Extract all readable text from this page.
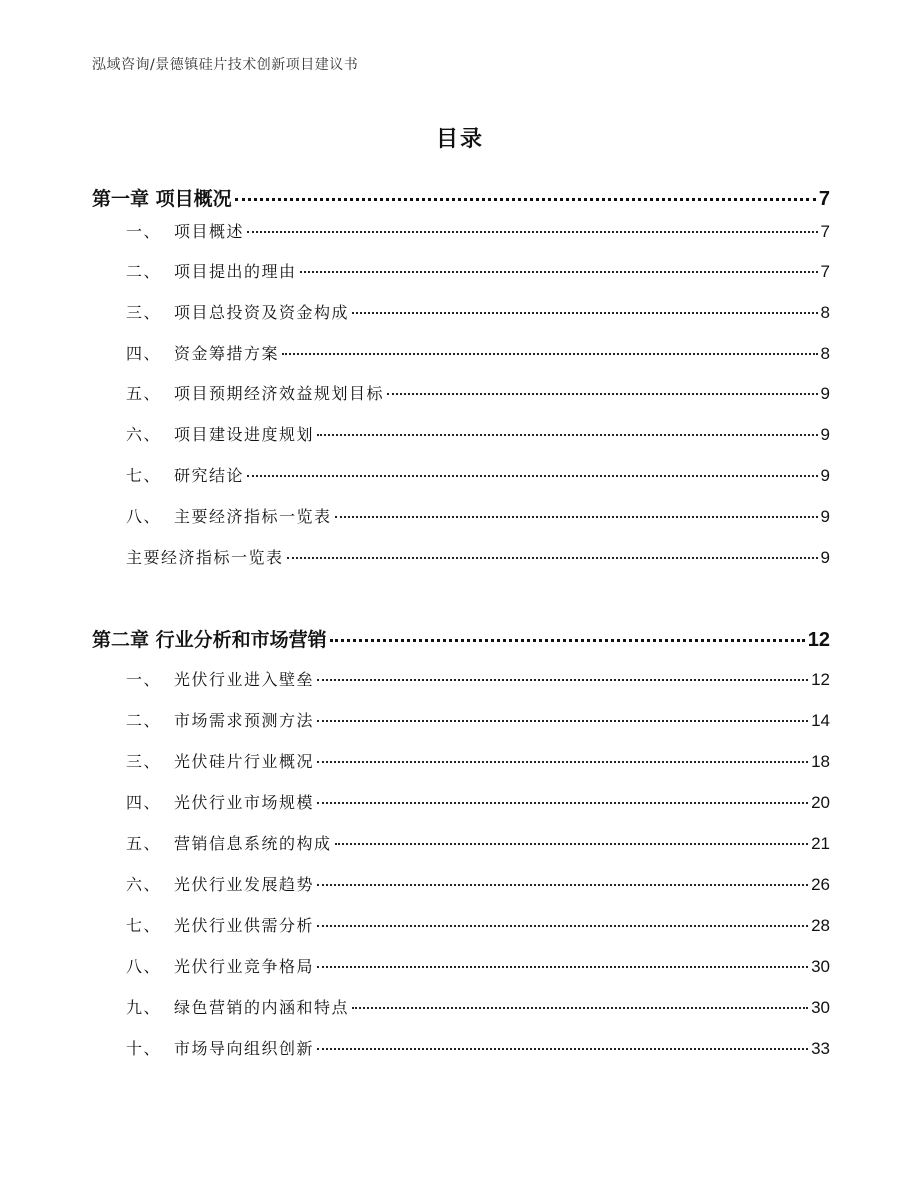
泓域咨询/景德镇硅片技术创新项目建议书
目录
第一章 项目概况	7
一、 项目概述	7
二、 项目提出的理由	7
三、 项目总投资及资金构成	8
四、 资金筹措方案	8
五、 项目预期经济效益规划目标	9
六、 项目建设进度规划	9
七、 研究结论	9
八、 主要经济指标一览表	9
主要经济指标一览表	9
第二章 行业分析和市场营销	12
一、 光伏行业进入壁垒	12
二、 市场需求预测方法	14
三、 光伏硅片行业概况	18
四、 光伏行业市场规模	20
五、 营销信息系统的构成	21
六、 光伏行业发展趋势	26
七、 光伏行业供需分析	28
八、 光伏行业竞争格局	30
九、 绿色营销的内涵和特点	30
十、 市场导向组织创新	33
